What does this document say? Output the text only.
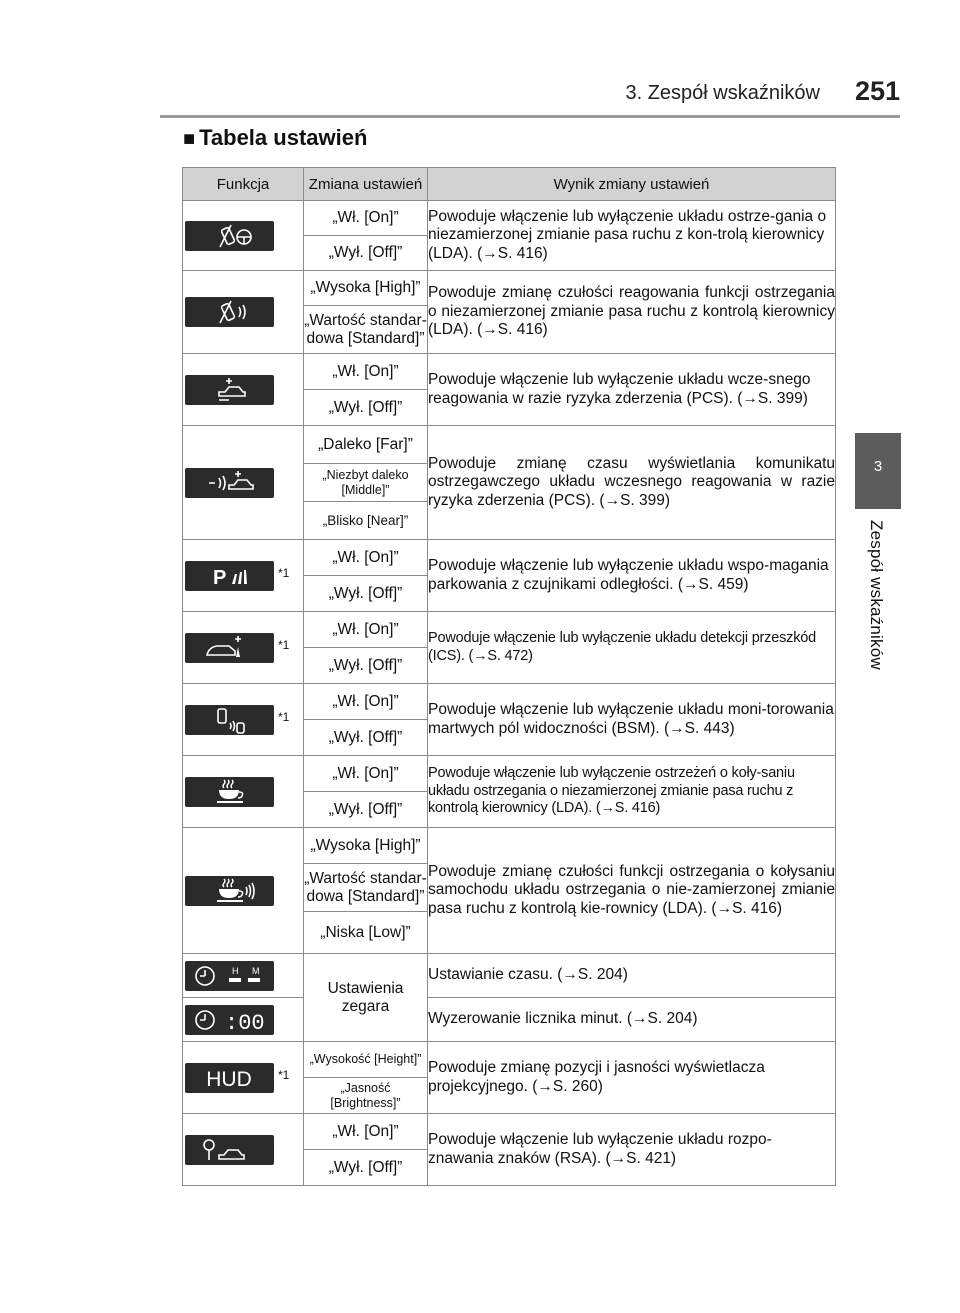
3. Zespół wskaźników 251
3
Zespół wskaźników
■ Tabela ustawień
Funkcja	Zmiana ustawień	Wynik zmiany ustawień

	„Wł. [On]”	Powoduje włączenie lub wyłączenie układu ostrze-gania o niezamierzonej zmianie pasa ruchu z kon-trolą kierownicy (LDA). (→S. 416)
	„Wył. [Off]”	

	„Wysoka [High]”	Powoduje zmianę czułości reagowania funkcji ostrzegania o niezamierzonej zmianie pasa ruchu z kontrolą kierownicy (LDA). (→S. 416)
	„Wartość standar-dowa [Standard]”	

	„Wł. [On]”	Powoduje włączenie lub wyłączenie układu wcze-snego reagowania w razie ryzyka zderzenia (PCS). (→S. 399)
	„Wył. [Off]”	

	„Daleko [Far]”	Powoduje zmianę czasu wyświetlania komunikatu ostrzegawczego układu wczesnego reagowania w razie ryzyka zderzenia (PCS). (→S. 399)
	„Niezbyt daleko [Middle]”	
	„Blisko [Near]”	

P *1	„Wł. [On]”	Powoduje włączenie lub wyłączenie układu wspo-magania parkowania z czujnikami odległości. (→S. 459)
	„Wył. [Off]”	

*1	„Wł. [On]”	Powoduje włączenie lub wyłączenie układu detekcji przeszkód (ICS). (→S. 472)
	„Wył. [Off]”	

*1	„Wł. [On]”	Powoduje włączenie lub wyłączenie układu moni-torowania martwych pól widoczności (BSM). (→S. 443)
	„Wył. [Off]”	

	„Wł. [On]”	Powoduje włączenie lub wyłączenie ostrzeżeń o koły-saniu układu ostrzegania o niezamierzonej zmianie pasa ruchu z kontrolą kierownicy (LDA). (→S. 416)
	„Wył. [Off]”	

	„Wysoka [High]”	Powoduje zmianę czułości funkcji ostrzegania o kołysaniu samochodu układu ostrzegania o nie-zamierzonej zmianie pasa ruchu z kontrolą kie-rownicy (LDA). (→S. 416)
	„Wartość standar-dowa [Standard]”	
	„Niska [Low]”	

H M	Ustawienia zegara	Ustawianie czasu. (→S. 204)

:00		Wyzerowanie licznika minut. (→S. 204)

HUD *1	„Wysokość [Height]”	Powoduje zmianę pozycji i jasności wyświetlacza projekcyjnego. (→S. 260)
	„Jasność [Brightness]”	

	„Wł. [On]”	Powoduje włączenie lub wyłączenie układu rozpo-znawania znaków (RSA). (→S. 421)
	„Wył. [Off]”	
